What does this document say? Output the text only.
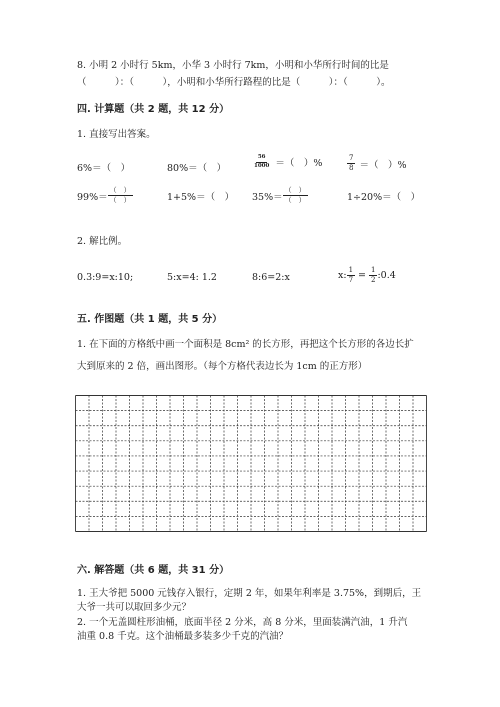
8. 小明 2 小时行 5km，小华 3 小时行 7km，小明和小华所行时间的比是
（　　　）：（　　　），小明和小华所行路程的比是（　　　）：（　　　）。
四. 计算题（共 2 题，共 12 分）
1. 直接写出答案。
6%＝（　）	80%＝（　）	$\frac{56}{1000}$ ＝（　）%	$\frac{7}{8}$ ＝（　）%
$99\%= \frac{( )}{( )}$	1+5%＝（　） $35\%= \frac{( )}{( )}$	1÷20%＝（　）
2. 解比例。
0.3:9=x:10;	5:x=4: 1.2	8:6=2:x	x: $\frac{1}{7} = \frac{1}{2}$ :0.4
五. 作图题（共 1 题，共 5 分）
1. 在下面的方格纸中画一个面积是 8cm² 的长方形，再把这个长方形的各边长扩
大到原来的 2 倍，画出图形。（每个方格代表边长为 1cm 的正方形）
六. 解答题（共 6 题，共 31 分）
1. 王大爷把 5000 元钱存入银行，定期 2 年，如果年利率是 3.75%，到期后，王
大爷一共可以取回多少元？
2. 一个无盖圆柱形油桶，底面半径 2 分米，高 8 分米，里面装满汽油，1 升汽
油重 0.8 千克。这个油桶最多装多少千克的汽油？
